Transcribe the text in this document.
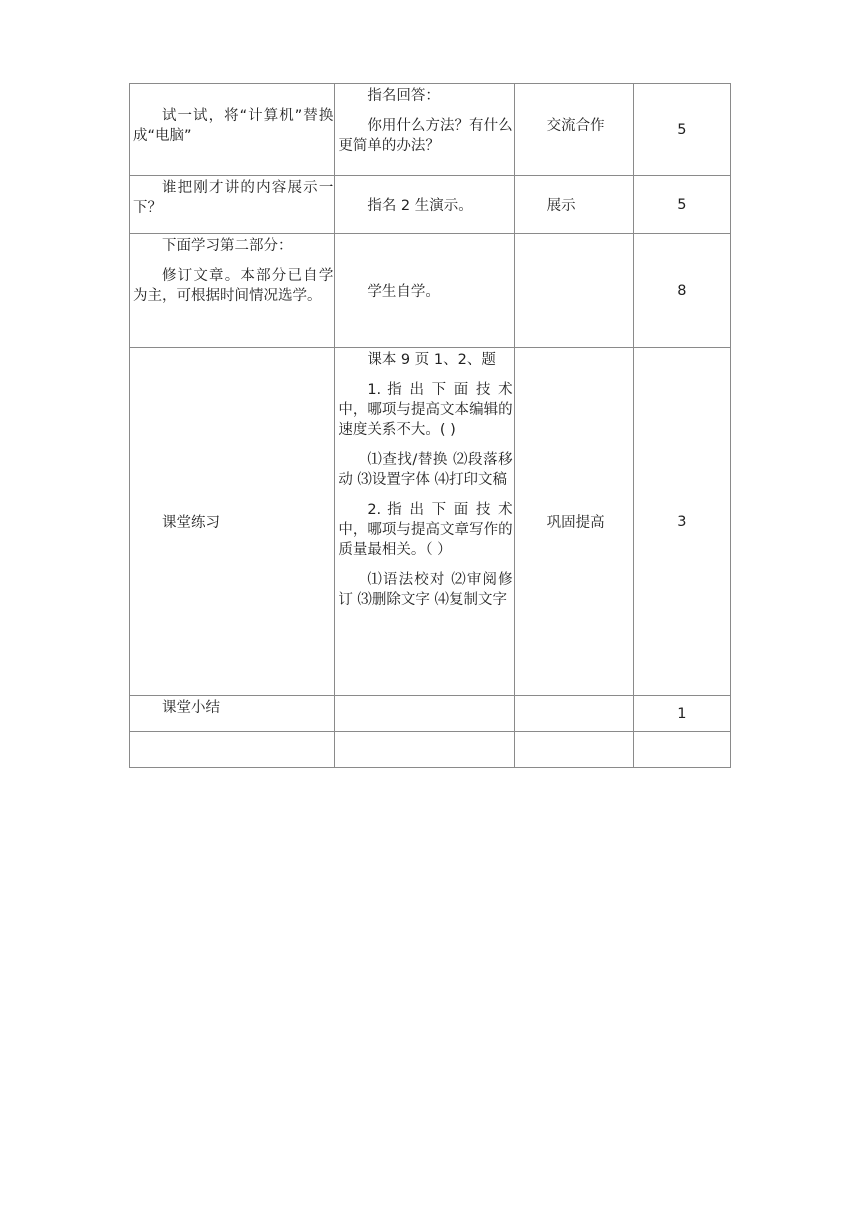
试一试，将“计算机”替换成“电脑”	指名回答：

你用什么方法？有什么更简单的办法？	交流合作	5

谁把刚才讲的内容展示一下？	指名 2 生演示。	展示	5

下面学习第二部分：

修订文章。本部分已自学为主，可根据时间情况选学。	学生自学。		8

课堂练习	课本 9 页 1、2、题

1. 指 出 下 面 技 术 中，哪项与提高文本编辑的速度关系不大。( )

⑴查找/替换 ⑵段落移动 ⑶设置字体 ⑷打印文稿

2. 指 出 下 面 技 术 中，哪项与提高文章写作的质量最相关。（ ）

⑴语法校对 ⑵审阅修订 ⑶删除文字 ⑷复制文字	巩固提高	3

课堂小结			1
